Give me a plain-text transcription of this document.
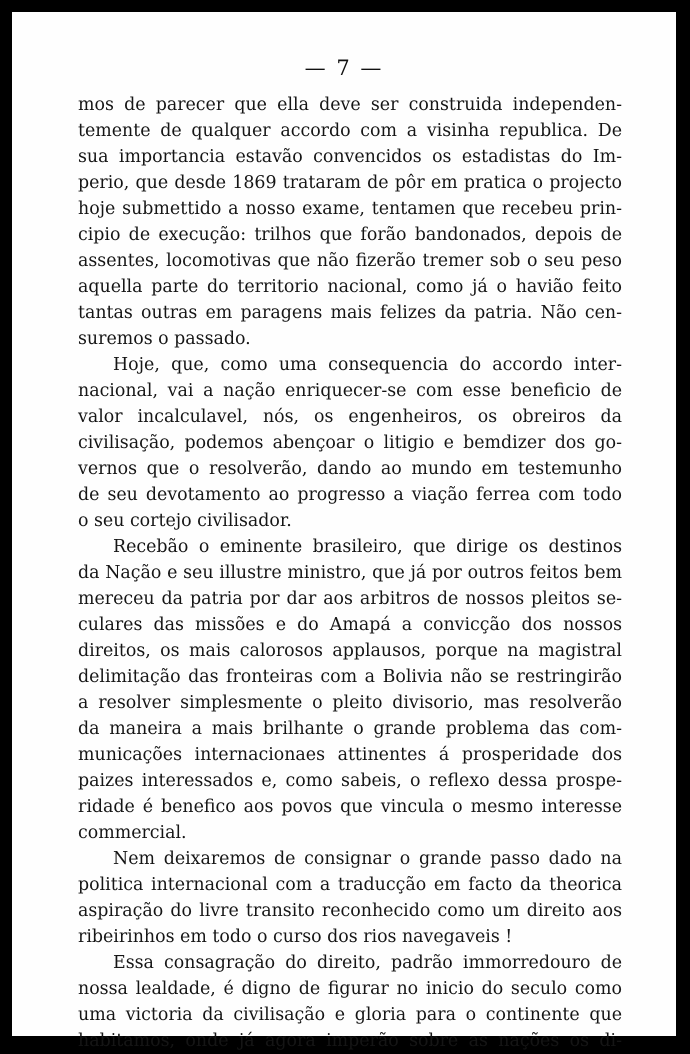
— 7 —
mos de parecer que ella deve ser construida independen-
temente de qualquer accordo com a visinha republica. De
sua importancia estavão convencidos os estadistas do Im-
perio, que desde 1869 trataram de pôr em pratica o projecto
hoje submettido a nosso exame, tentamen que recebeu prin-
cipio de execução: trilhos que forão bandonados, depois de
assentes, locomotivas que não fizerão tremer sob o seu peso
aquella parte do territorio nacional, como já o havião feito
tantas outras em paragens mais felizes da patria. Não cen-
suremos o passado.
Hoje, que, como uma consequencia do accordo inter-
nacional, vai a nação enriquecer-se com esse beneficio de
valor incalculavel, nós, os engenheiros, os obreiros da
civilisação, podemos abençoar o litigio e bemdizer dos go-
vernos que o resolverão, dando ao mundo em testemunho
de seu devotamento ao progresso a viação ferrea com todo
o seu cortejo civilisador.
Recebão o eminente brasileiro, que dirige os destinos
da Nação e seu illustre ministro, que já por outros feitos bem
mereceu da patria por dar aos arbitros de nossos pleitos se-
culares das missões e do Amapá a convicção dos nossos
direitos, os mais calorosos applausos, porque na magistral
delimitação das fronteiras com a Bolivia não se restringirão
a resolver simplesmente o pleito divisorio, mas resolverão
da maneira a mais brilhante o grande problema das com-
municações internacionaes attinentes á prosperidade dos
paizes interessados e, como sabeis, o reflexo dessa prospe-
ridade é benefico aos povos que vincula o mesmo interesse
commercial.
Nem deixaremos de consignar o grande passo dado na
politica internacional com a traducção em facto da theorica
aspiração do livre transito reconhecido como um direito aos
ribeirinhos em todo o curso dos rios navegaveis !
Essa consagração do direito, padrão immorredouro de
nossa lealdade, é digno de figurar no inicio do seculo como
uma victoria da civilisação e gloria para o continente que
habitamos, onde já agora imperão sobre as nações os di-
